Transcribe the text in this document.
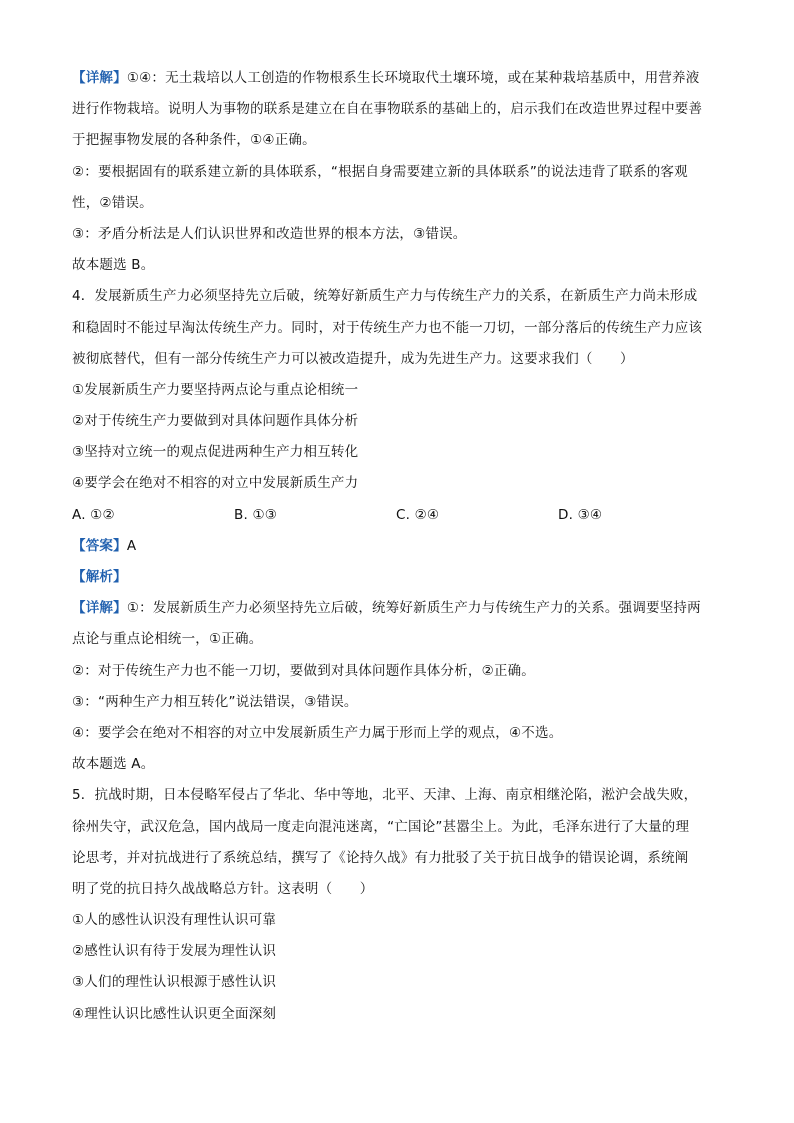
【详解】①④：无土栽培以人工创造的作物根系生长环境取代土壤环境，或在某种栽培基质中，用营养液
进行作物栽培。说明人为事物的联系是建立在自在事物联系的基础上的，启示我们在改造世界过程中要善
于把握事物发展的各种条件，①④正确。
②：要根据固有的联系建立新的具体联系，“根据自身需要建立新的具体联系”的说法违背了联系的客观
性，②错误。
③：矛盾分析法是人们认识世界和改造世界的根本方法，③错误。
故本题选 B。
4．发展新质生产力必须坚持先立后破，统筹好新质生产力与传统生产力的关系，在新质生产力尚未形成
和稳固时不能过早淘汰传统生产力。同时，对于传统生产力也不能一刀切，一部分落后的传统生产力应该
被彻底替代，但有一部分传统生产力可以被改造提升，成为先进生产力。这要求我们（　　）
①发展新质生产力要坚持两点论与重点论相统一
②对于传统生产力要做到对具体问题作具体分析
③坚持对立统一的观点促进两种生产力相互转化
④要学会在绝对不相容的对立中发展新质生产力
A. ①②	B. ①③	C. ②④	D. ③④
【答案】A
【解析】
【详解】①：发展新质生产力必须坚持先立后破，统筹好新质生产力与传统生产力的关系。强调要坚持两
点论与重点论相统一，①正确。
②：对于传统生产力也不能一刀切，要做到对具体问题作具体分析，②正确。
③：“两种生产力相互转化”说法错误，③错误。
④：要学会在绝对不相容的对立中发展新质生产力属于形而上学的观点，④不选。
故本题选 A。
5．抗战时期，日本侵略军侵占了华北、华中等地，北平、天津、上海、南京相继沦陷，淞沪会战失败，
徐州失守，武汉危急，国内战局一度走向混沌迷离，“亡国论”甚嚣尘上。为此，毛泽东进行了大量的理
论思考，并对抗战进行了系统总结，撰写了《论持久战》有力批驳了关于抗日战争的错误论调，系统阐
明了党的抗日持久战战略总方针。这表明（　　）
①人的感性认识没有理性认识可靠
②感性认识有待于发展为理性认识
③人们的理性认识根源于感性认识
④理性认识比感性认识更全面深刻
